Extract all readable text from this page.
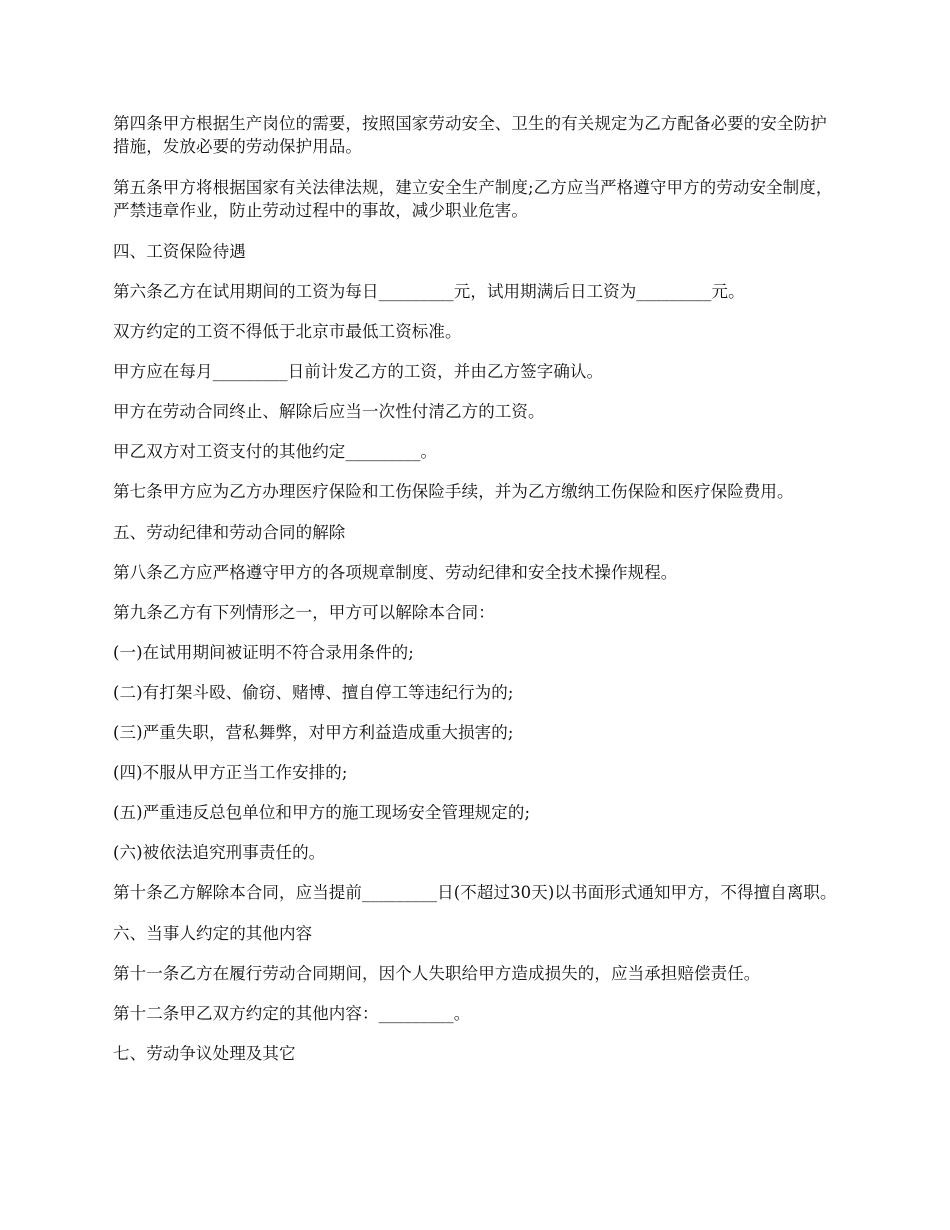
第四条甲方根据生产岗位的需要，按照国家劳动安全、卫生的有关规定为乙方配备必要的安全防护措施，发放必要的劳动保护用品。

第五条甲方将根据国家有关法律法规，建立安全生产制度;乙方应当严格遵守甲方的劳动安全制度，严禁违章作业，防止劳动过程中的事故，减少职业危害。

四、工资保险待遇

第六条乙方在试用期间的工资为每日_________元，试用期满后日工资为_________元。

双方约定的工资不得低于北京市最低工资标准。

甲方应在每月_________日前计发乙方的工资，并由乙方签字确认。

甲方在劳动合同终止、解除后应当一次性付清乙方的工资。

甲乙双方对工资支付的其他约定_________。

第七条甲方应为乙方办理医疗保险和工伤保险手续，并为乙方缴纳工伤保险和医疗保险费用。

五、劳动纪律和劳动合同的解除

第八条乙方应严格遵守甲方的各项规章制度、劳动纪律和安全技术操作规程。

第九条乙方有下列情形之一，甲方可以解除本合同：

(一)在试用期间被证明不符合录用条件的;

(二)有打架斗殴、偷窃、赌博、擅自停工等违纪行为的;

(三)严重失职，营私舞弊，对甲方利益造成重大损害的;

(四)不服从甲方正当工作安排的;

(五)严重违反总包单位和甲方的施工现场安全管理规定的;

(六)被依法追究刑事责任的。

第十条乙方解除本合同，应当提前_________日(不超过30天)以书面形式通知甲方，不得擅自离职。

六、当事人约定的其他内容

第十一条乙方在履行劳动合同期间，因个人失职给甲方造成损失的，应当承担赔偿责任。

第十二条甲乙双方约定的其他内容：_________。

七、劳动争议处理及其它
